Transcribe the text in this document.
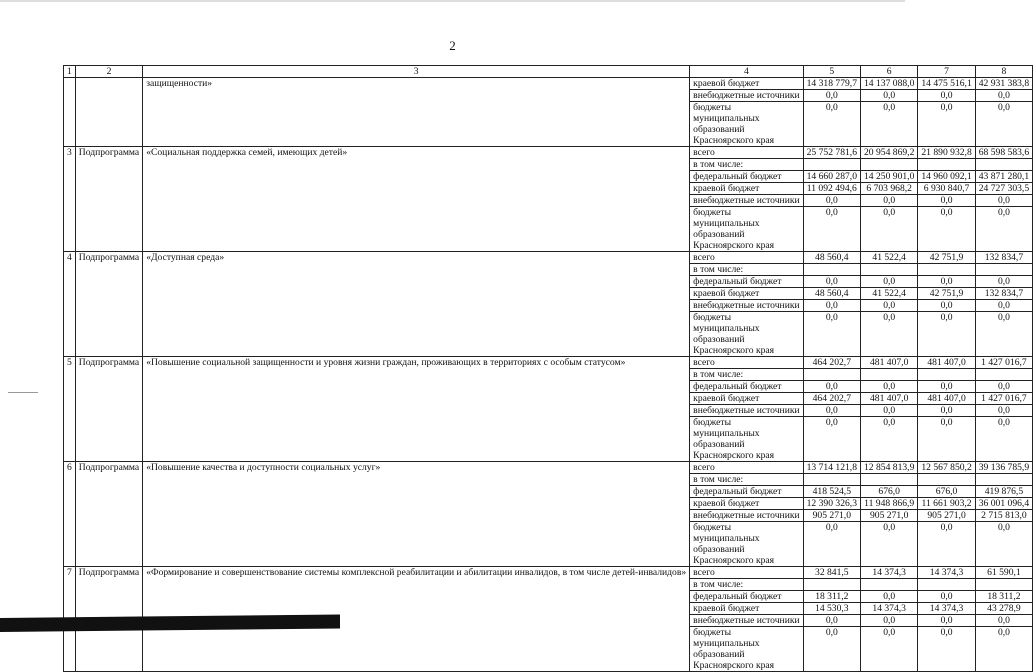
2
1	2	3	4	5	6	7	8
		защищенности»	краевой бюджет	14 318 779,7	14 137 088,0	14 475 516,1	42 931 383,8
			внебюджетные источники	0,0	0,0	0,0	0,0
			бюджеты муниципальных образований Красноярского края	0,0	0,0	0,0	0,0
3	Подпрограмма	«Социальная поддержка семей, имеющих детей»	всего	25 752 781,6	20 954 869,2	21 890 932,8	68 598 583,6
			в том числе:				
			федеральный бюджет	14 660 287,0	14 250 901,0	14 960 092,1	43 871 280,1
			краевой бюджет	11 092 494,6	6 703 968,2	6 930 840,7	24 727 303,5
			внебюджетные источники	0,0	0,0	0,0	0,0
			бюджеты муниципальных образований Красноярского края	0,0	0,0	0,0	0,0
4	Подпрограмма	«Доступная среда»	всего	48 560,4	41 522,4	42 751,9	132 834,7
			в том числе:				
			федеральный бюджет	0,0	0,0	0,0	0,0
			краевой бюджет	48 560,4	41 522,4	42 751,9	132 834,7
			внебюджетные источники	0,0	0,0	0,0	0,0
			бюджеты муниципальных образований Красноярского края	0,0	0,0	0,0	0,0
5	Подпрограмма	«Повышение социальной защищенности и уровня жизни граждан, проживающих в территориях с особым статусом»	всего	464 202,7	481 407,0	481 407,0	1 427 016,7
			в том числе:				
			федеральный бюджет	0,0	0,0	0,0	0,0
			краевой бюджет	464 202,7	481 407,0	481 407,0	1 427 016,7
			внебюджетные источники	0,0	0,0	0,0	0,0
			бюджеты муниципальных образований Красноярского края	0,0	0,0	0,0	0,0
6	Подпрограмма	«Повышение качества и доступности социальных услуг»	всего	13 714 121,8	12 854 813,9	12 567 850,2	39 136 785,9
			в том числе:				
			федеральный бюджет	418 524,5	676,0	676,0	419 876,5
			краевой бюджет	12 390 326,3	11 948 866,9	11 661 903,2	36 001 096,4
			внебюджетные источники	905 271,0	905 271,0	905 271,0	2 715 813,0
			бюджеты муниципальных образований Красноярского края	0,0	0,0	0,0	0,0
7	Подпрограмма	«Формирование и совершенствование системы комплексной реабилитации и абилитации инвалидов, в том числе детей-инвалидов»	всего	32 841,5	14 374,3	14 374,3	61 590,1
			в том числе:				
			федеральный бюджет	18 311,2	0,0	0,0	18 311,2
			краевой бюджет	14 530,3	14 374,3	14 374,3	43 278,9
			внебюджетные источники	0,0	0,0	0,0	0,0
			бюджеты муниципальных образований Красноярского края	0,0	0,0	0,0	0,0
